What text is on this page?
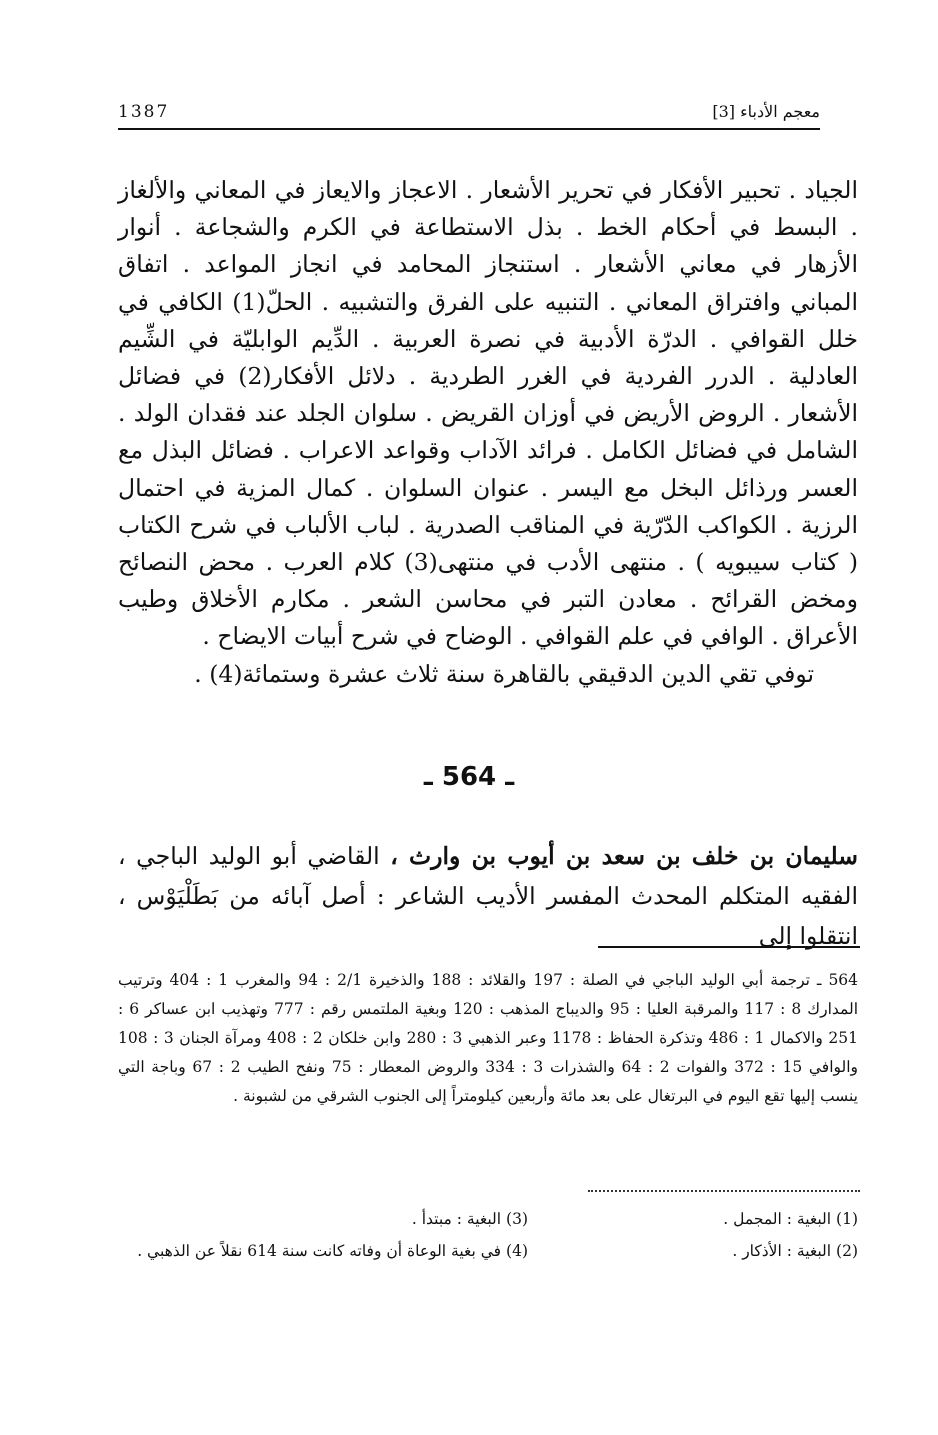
1387	معجم الأدباء [3]

الجياد . تحبير الأفكار في تحرير الأشعار . الاعجاز والايعاز في المعاني والألغاز . البسط في أحكام الخط . بذل الاستطاعة في الكرم والشجاعة . أنوار الأزهار في معاني الأشعار . استنجاز المحامد في انجاز المواعد . اتفاق المباني وافتراق المعاني . التنبيه على الفرق والتشبيه . الحلّ(1) الكافي في خلل القوافي . الدرّة الأدبية في نصرة العربية . الدِّيم الوابليّة في الشِّيم العادلية . الدرر الفردية في الغرر الطردية . دلائل الأفكار(2) في فضائل الأشعار . الروض الأريض في أوزان القريض . سلوان الجلد عند فقدان الولد . الشامل في فضائل الكامل . فرائد الآداب وقواعد الاعراب . فضائل البذل مع العسر ورذائل البخل مع اليسر . عنوان السلوان . كمال المزية في احتمال الرزية . الكواكب الدّرّية في المناقب الصدرية . لباب الألباب في شرح الكتاب ( كتاب سيبويه ) . منتهى الأدب في منتهى(3) كلام العرب . محض النصائح ومخض القرائح . معادن التبر في محاسن الشعر . مكارم الأخلاق وطيب الأعراق . الوافي في علم القوافي . الوضاح في شرح أبيات الايضاح .

توفي تقي الدين الدقيقي بالقاهرة سنة ثلاث عشرة وستمائة(4) .

ـ 564 ـ

سليمان بن خلف بن سعد بن أيوب بن وارث ، القاضي أبو الوليد الباجي ، الفقيه المتكلم المحدث المفسر الأديب الشاعر : أصل آبائه من بَطَلْيَوْس ، انتقلوا إلى

564 ـ ترجمة أبي الوليد الباجي في الصلة : 197 والقلائد : 188 والذخيرة 2/1 : 94 والمغرب 1 : 404 وترتيب المدارك 8 : 117 والمرقبة العليا : 95 والديباج المذهب : 120 وبغية الملتمس رقم : 777 وتهذيب ابن عساكر 6 : 251 والاكمال 1 : 486 وتذكرة الحفاظ : 1178 وعبر الذهبي 3 : 280 وابن خلكان 2 : 408 ومرآة الجنان 3 : 108 والوافي 15 : 372 والفوات 2 : 64 والشذرات 3 : 334 والروض المعطار : 75 ونفح الطيب 2 : 67 وباجة التي ينسب إليها تقع اليوم في البرتغال على بعد مائة وأربعين كيلومتراً إلى الجنوب الشرقي من لشبونة .

(1) البغية : المجمل .
(2) البغية : الأذكار .
(3) البغية : مبتدأ .
(4) في بغية الوعاة أن وفاته كانت سنة 614 نقلاً عن الذهبي .
